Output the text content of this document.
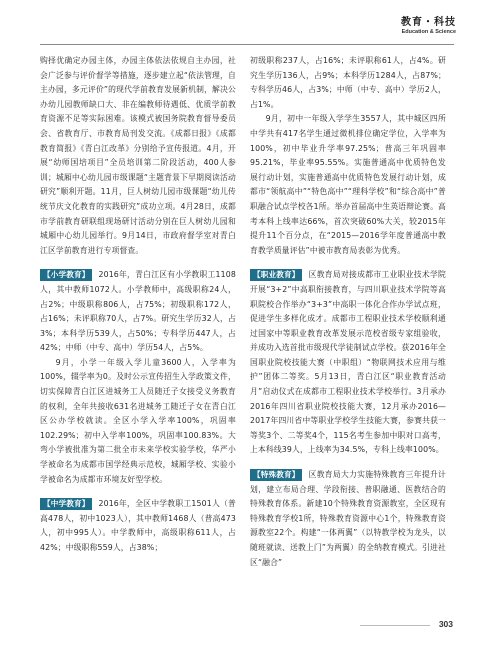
教育・科技
Education & Science

购择优确定办园主体，办园主体依法依规自主办园，社会广泛参与评价督学等措施，逐步建立起“依法管理，自主办园，多元评价”的现代学前教育发展新机制，解决公办幼儿园教师缺口大、非在编教师待遇低、优质学前教育资源不足等实际困难。该模式被国务院教育督导委员会、省教育厅、市教育局刊发交流。《成都日报》《成都教育简报》《青白江改革》分别给予宣传报道。4月，开展“幼师国培项目”全员培训第二阶段活动，400人参训；城厢中心幼儿园市级课题“主题背景下早期阅读活动研究”顺利开题。11月，巨人树幼儿园市级课题“幼儿传统节庆文化教育的实践研究”成功立项。4月28日，成都市学前教育研联组现场研讨活动分别在巨人树幼儿园和城厢中心幼儿园举行。9月14日，市政府督学室对青白江区学前教育进行专项督查。

【小学教育】 2016年，青白江区有小学教职工1108人，其中教师1072人。小学教师中，高级职称24人，占2%；中级职称806人，占75%；初级职称172人，占16%；未评职称70人，占7%。研究生学历32人，占3%；本科学历539人，占50%；专科学历447人，占42%；中师（中专、高中）学历54人，占5%。

9月，小学一年级入学儿童3600人，入学率为100%，辍学率为0。及时公示宣传招生入学政策文件，切实保障青白江区进城务工人员随迁子女接受义务教育的权利，全年共接收631名进城务工随迁子女在青白江区公办学校就读。全区小学入学率100%，巩固率102.29%；初中入学率100%，巩固率100.83%。大弯小学被批准为第二批全市未来学校实验学校，华严小学被命名为成都市国学经典示范校，城厢学校、实验小学被命名为成都市环境友好型学校。

【中学教育】 2016年，全区中学教职工1501人（普高478人，初中1023人），其中教师1468人（普高473人，初中995人）。中学教师中，高级职称611人，占42%；中级职称559人，占38%；

初级职称237人，占16%；未评职称61人，占4%。研究生学历136人，占9%；本科学历1284人，占87%；专科学历46人，占3%；中师（中专、高中）学历2人，占1%。

9月，初中一年级入学学生3557人，其中城区四所中学共有417名学生通过微机排位确定学位，入学率为100%，初中毕业升学率97.25%；普高三年巩固率95.21%，毕业率95.55%。实施普通高中优质特色发展行动计划，实施普通高中优质特色发展行动计划，成都市“领航高中”“特色高中”“理科学校”和“综合高中”普职融合试点学校各1所。举办首届高中生英语辩论赛。高考本科上线率达66%，首次突破60%大关，较2015年提升11个百分点，在“2015—2016学年度普通高中教育教学质量评估”中被市教育局表彰为优秀。

【职业教育】 区教育局对接成都市工业职业技术学院开展“3+2”中高职衔接教育，与四川职业技术学院等高职院校合作举办“3+3”中高职一体化合作办学试点班，促进学生多样化成才。成都市工程职业技术学校顺利通过国家中等职业教育改革发展示范校省级专家组验收，并成功入选首批市级现代学徒制试点学校。获2016年全国职业院校技能大赛（中职组）“物联网技术应用与维护”团体二等奖。5月13日，青白江区“职业教育活动月”启动仪式在成都市工程职业技术学校举行。3月承办2016年四川省职业院校技能大赛，12月承办2016—2017年四川省中等职业学校学生技能大赛，参赛共获一等奖3个、二等奖4个，115名考生参加中职对口高考，上本科线39人，上线率为34.5%，专科上线率100%。

【特殊教育】 区教育局大力实施特殊教育三年提升计划，建立布局合理、学段衔接、普职融通、医教结合的特殊教育体系。新建10个特殊教育资源教室，全区现有特殊教育学校1所，特殊教育资源中心1个，特殊教育资源教室22个。构建“一体两翼”（以特教学校为龙头，以随班就读、送教上门”为两翼）的全纳教育模式。引进社区“融合”

303
